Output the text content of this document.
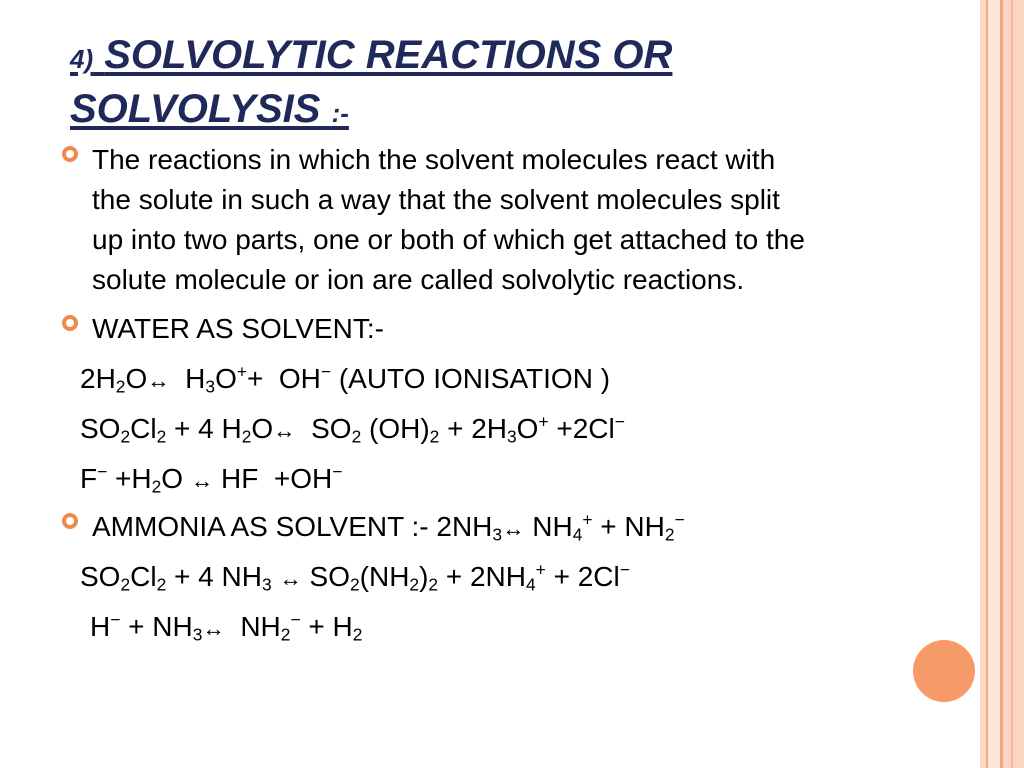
4) SOLVOLYTIC REACTIONS OR
SOLVOLYSIS :-
The reactions in which the solvent molecules react with
the solute in such a way that the solvent molecules split
up into two parts, one or both of which get attached to the
solute molecule or ion are called solvolytic reactions.
WATER AS SOLVENT:-
$2H_2O\leftrightarrow$  $H_3O^++ OH^-$ (AUTO IONISATION )
$SO_2Cl_2 + 4$ $H_2O\leftrightarrow$  $SO_2$ $(OH)_2 + 2H_3O^+ +2Cl^-$
$F^- +H_2O$ ↔ HF  +OH−
AMMONIA AS SOLVENT :- $2NH_3\leftrightarrow$ $NH_4^+ + NH_2^-$
$SO_2Cl_2 + 4$ $NH_3$ ↔ $SO_2(NH_2)_2 + 2NH_4^+ + 2Cl^-$
$H^- + NH_3\leftrightarrow$  $NH_2^- + H_2$
